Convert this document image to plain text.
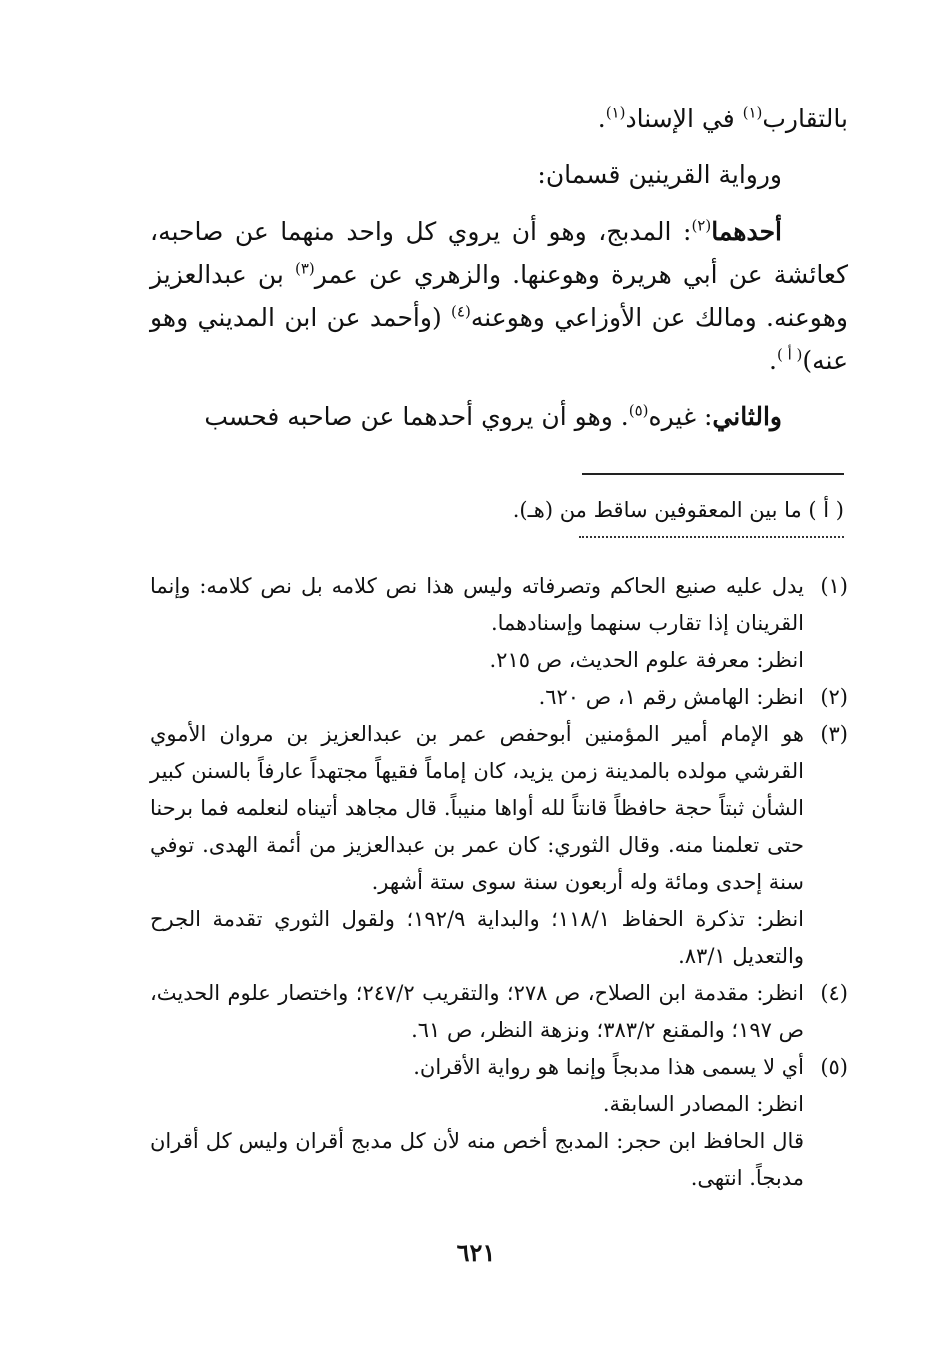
بالتقارب$^{(١)}$ في الإسناد$^{(١)}$.

ورواية القرينين قسمان:

أحدهما$^{(٢)}$: المدبج، وهو أن يروي كل واحد منهما عن صاحبه، كعائشة عن أبي هريرة وهوعنها. والزهري عن عمر$^{(٣)}$ بن عبدالعزيز وهوعنه. ومالك عن الأوزاعي وهوعنه$^{(٤)}$ (وأحمد عن ابن المديني وهو عنه)$^{( أ )}$.

والثاني: غيره$^{(٥)}$. وهو أن يروي أحدهما عن صاحبه فحسب

( أ ) ما بين المعقوفين ساقط من (هـ).
(١)

يدل عليه صنيع الحاكم وتصرفاته وليس هذا نص كلامه بل نص كلامه: وإنما القرينان إذا تقارب سنهما وإسنادهما.

انظر: معرفة علوم الحديث، ص ٢١٥.

(٢)

انظر: الهامش رقم ١، ص ٦٢٠.

(٣)

هو الإمام أمير المؤمنين أبوحفص عمر بن عبدالعزيز بن مروان الأموي القرشي مولده بالمدينة زمن يزيد، كان إماماً فقيهاً مجتهداً عارفاً بالسنن كبير الشأن ثبتاً حجة حافظاً قانتاً لله أواها منيباً. قال مجاهد أتيناه لنعلمه فما برحنا حتى تعلمنا منه. وقال الثوري: كان عمر بن عبدالعزيز من أئمة الهدى. توفي سنة إحدى ومائة وله أربعون سنة سوى ستة أشهر.

انظر: تذكرة الحفاظ ١١٨/١؛ والبداية ١٩٢/٩؛ ولقول الثوري تقدمة الجرح والتعديل ٨٣/١.

(٤)

انظر: مقدمة ابن الصلاح، ص ٢٧٨؛ والتقريب ٢٤٧/٢؛ واختصار علوم الحديث، ص ١٩٧؛ والمقنع ٣٨٣/٢؛ ونزهة النظر، ص ٦١.

(٥)

أي لا يسمى هذا مدبجاً وإنما هو رواية الأقران.

انظر: المصادر السابقة.

قال الحافظ ابن حجر: المدبج أخص منه لأن كل مدبج أقران وليس كل أقران مدبجاً. انتهى.

٦٢١
